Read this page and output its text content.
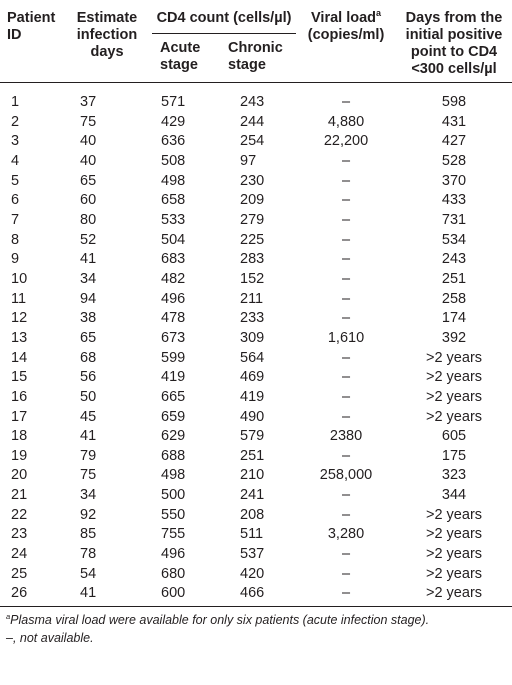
Patient ID	Estimate infection days	CD4 count (cells/µl)		Viral load$^a$
(copies/ml)	Days from the initial positive point to CD4 <300 cells/µl
		Acute stage	Chronic stage		
1	37	571	243	–	598
2	75	429	244	4,880	431
3	40	636	254	22,200	427
4	40	508	97	–	528
5	65	498	230	–	370
6	60	658	209	–	433
7	80	533	279	–	731
8	52	504	225	–	534
9	41	683	283	–	243
10	34	482	152	–	251
11	94	496	211	–	258
12	38	478	233	–	174
13	65	673	309	1,610	392
14	68	599	564	–	>2 years
15	56	419	469	–	>2 years
16	50	665	419	–	>2 years
17	45	659	490	–	>2 years
18	41	629	579	2380	605
19	79	688	251	–	175
20	75	498	210	258,000	323
21	34	500	241	–	344
22	92	550	208	–	>2 years
23	85	755	511	3,280	>2 years
24	78	496	537	–	>2 years
25	54	680	420	–	>2 years
26	41	600	466	–	>2 years
$^a$Plasma viral load were available for only six patients (acute infection stage).
–, not available.
